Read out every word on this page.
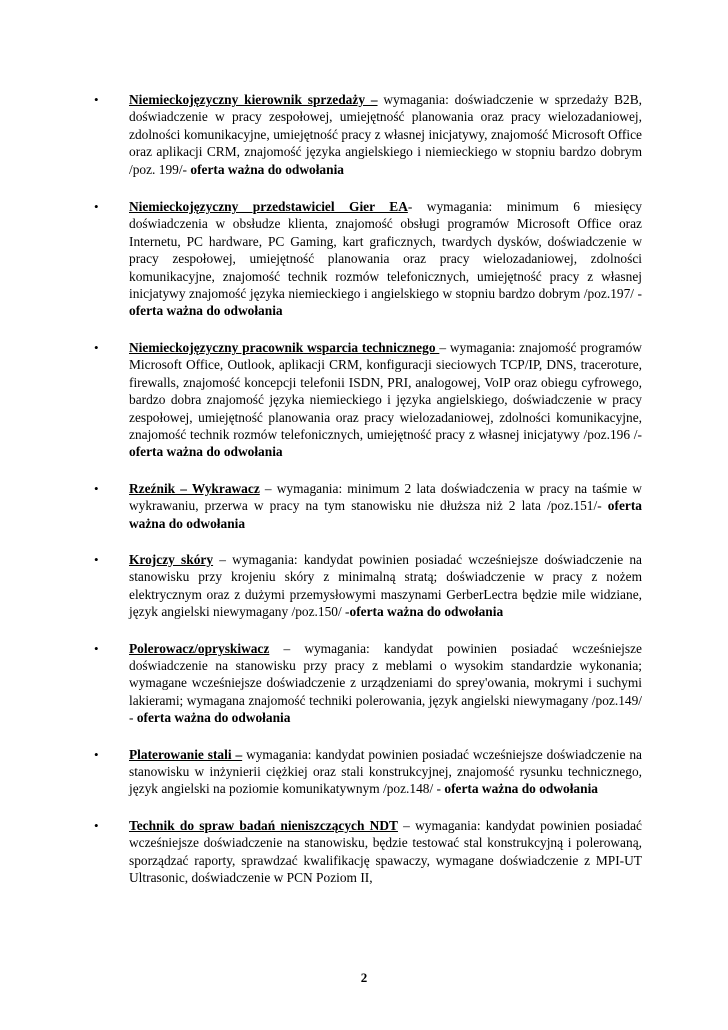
• Niemieckojęzyczny kierownik sprzedaży – wymagania: doświadczenie w sprzedaży B2B, doświadczenie w pracy zespołowej, umiejętność planowania oraz pracy wielozadaniowej, zdolności komunikacyjne, umiejętność pracy z własnej inicjatywy, znajomość Microsoft Office oraz aplikacji CRM, znajomość języka angielskiego i niemieckiego w stopniu bardzo dobrym /poz. 199/- oferta ważna do odwołania
• Niemieckojęzyczny przedstawiciel Gier EA- wymagania: minimum 6 miesięcy doświadczenia w obsłudze klienta, znajomość obsługi programów Microsoft Office oraz Internetu, PC hardware, PC Gaming, kart graficznych, twardych dysków, doświadczenie w pracy zespołowej, umiejętność planowania oraz pracy wielozadaniowej, zdolności komunikacyjne, znajomość technik rozmów telefonicznych, umiejętność pracy z własnej inicjatywy znajomość języka niemieckiego i angielskiego w stopniu bardzo dobrym /poz.197/ - oferta ważna do odwołania
• Niemieckojęzyczny pracownik wsparcia technicznego – wymagania: znajomość programów Microsoft Office, Outlook, aplikacji CRM, konfiguracji sieciowych TCP/IP, DNS, traceroture, firewalls, znajomość koncepcji telefonii ISDN, PRI, analogowej, VoIP oraz obiegu cyfrowego, bardzo dobra znajomość języka niemieckiego i języka angielskiego, doświadczenie w pracy zespołowej, umiejętność planowania oraz pracy wielozadaniowej, zdolności komunikacyjne, znajomość technik rozmów telefonicznych, umiejętność pracy z własnej inicjatywy /poz.196 /- oferta ważna do odwołania
• Rzeźnik – Wykrawacz – wymagania: minimum 2 lata doświadczenia w pracy na taśmie w wykrawaniu, przerwa w pracy na tym stanowisku nie dłuższa niż 2 lata /poz.151/- oferta ważna do odwołania
• Krojczy skóry – wymagania: kandydat powinien posiadać wcześniejsze doświadczenie na stanowisku przy krojeniu skóry z minimalną stratą; doświadczenie w pracy z nożem elektrycznym oraz z dużymi przemysłowymi maszynami GerberLectra będzie mile widziane, język angielski niewymagany /poz.150/ -oferta ważna do odwołania
• Polerowacz/opryskiwacz – wymagania: kandydat powinien posiadać wcześniejsze doświadczenie na stanowisku przy pracy z meblami o wysokim standardzie wykonania; wymagane wcześniejsze doświadczenie z urządzeniami do sprey'owania, mokrymi i suchymi lakierami; wymagana znajomość techniki polerowania, język angielski niewymagany /poz.149/ - oferta ważna do odwołania
• Platerowanie stali – wymagania: kandydat powinien posiadać wcześniejsze doświadczenie na stanowisku w inżynierii ciężkiej oraz stali konstrukcyjnej, znajomość rysunku technicznego, język angielski na poziomie komunikatywnym /poz.148/ - oferta ważna do odwołania
• Technik do spraw badań nieniszczących NDT – wymagania: kandydat powinien posiadać wcześniejsze doświadczenie na stanowisku, będzie testować stal konstrukcyjną i polerowaną, sporządzać raporty, sprawdzać kwalifikację spawaczy, wymagane doświadczenie z MPI-UT Ultrasonic, doświadczenie w PCN Poziom II,
2
